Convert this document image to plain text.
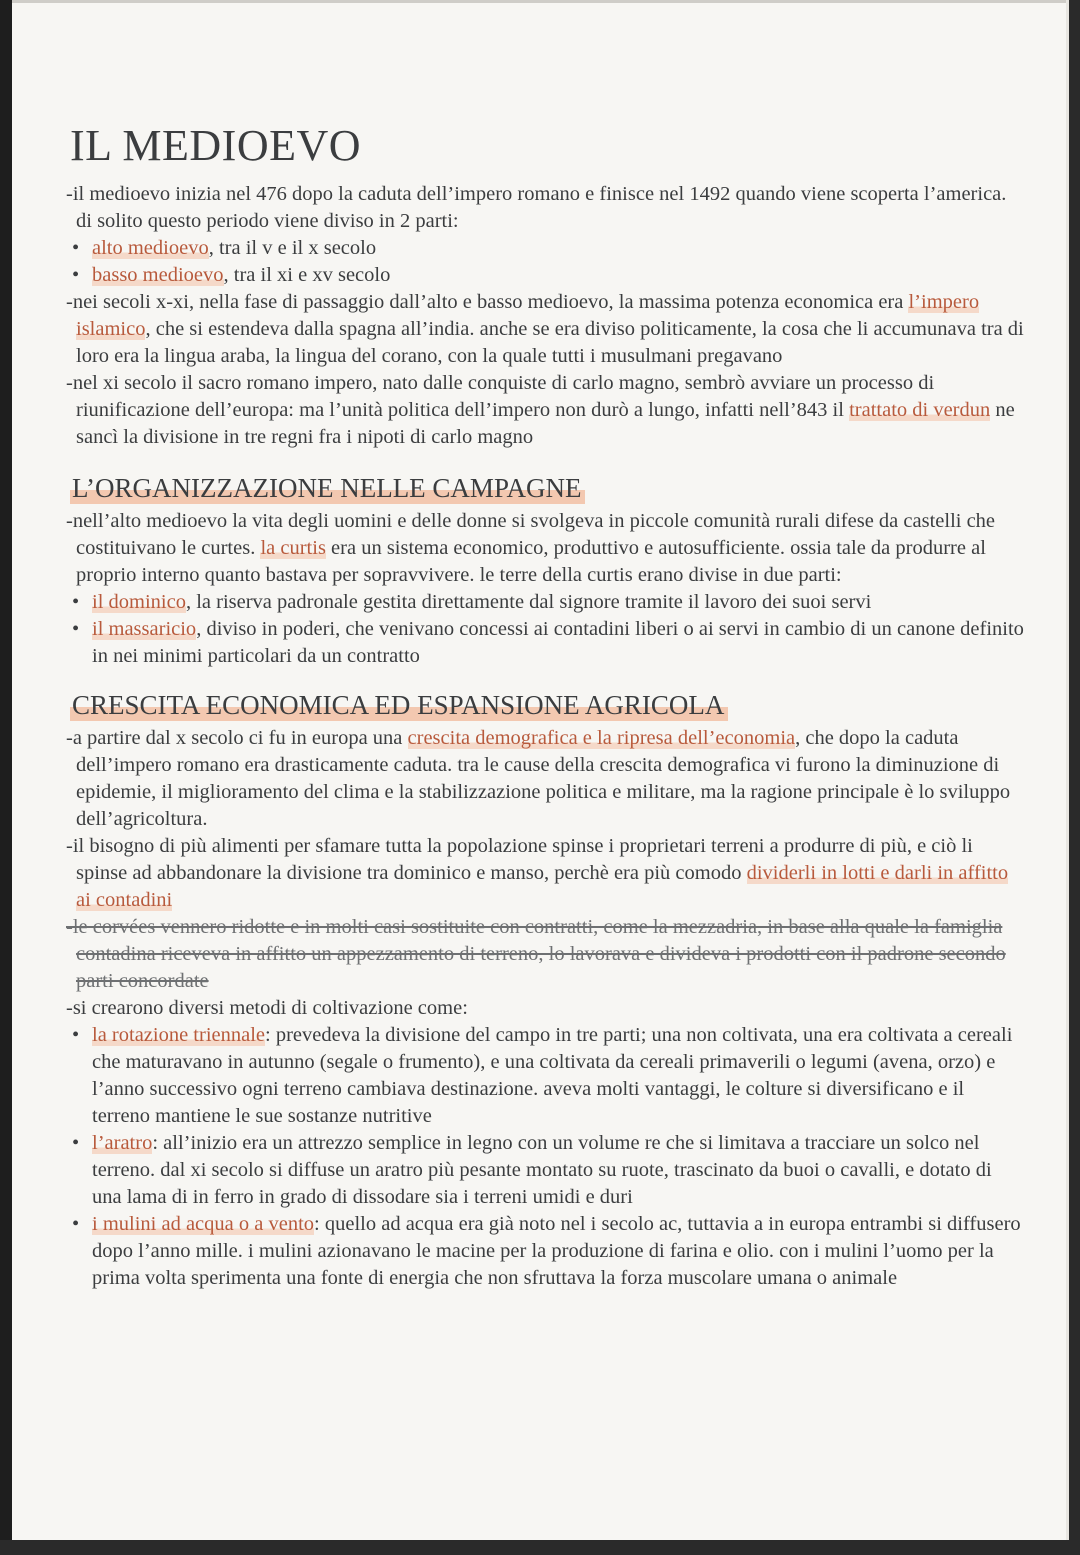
IL MEDIOEVO

-il medioevo inizia nel 476 dopo la caduta dell’impero romano e finisce nel 1492 quando viene scoperta l’america. di solito questo periodo viene diviso in 2 parti:

• alto medioevo, tra il v e il x secolo
• basso medioevo, tra il xi e xv secolo

-nei secoli x-xi, nella fase di passaggio dall’alto e basso medioevo, la massima potenza economica era l’impero islamico, che si estendeva dalla spagna all’india. anche se era diviso politicamente, la cosa che li accumunava tra di loro era la lingua araba, la lingua del corano, con la quale tutti i musulmani pregavano

-nel xi secolo il sacro romano impero, nato dalle conquiste di carlo magno, sembrò avviare un processo di riunificazione dell’europa: ma l’unità politica dell’impero non durò a lungo, infatti nell’843 il trattato di verdun ne sancì la divisione in tre regni fra i nipoti di carlo magno

L’ORGANIZZAZIONE NELLE CAMPAGNE

-nell’alto medioevo la vita degli uomini e delle donne si svolgeva in piccole comunità rurali difese da castelli che costituivano le curtes. la curtis era un sistema economico, produttivo e autosufficiente. ossia tale da produrre al proprio interno quanto bastava per sopravvivere. le terre della curtis erano divise in due parti:

• il dominico, la riserva padronale gestita direttamente dal signore tramite il lavoro dei suoi servi
• il massaricio, diviso in poderi, che venivano concessi ai contadini liberi o ai servi in cambio di un canone definito in nei minimi particolari da un contratto
CRESCITA ECONOMICA ED ESPANSIONE AGRICOLA

-a partire dal x secolo ci fu in europa una crescita demografica e la ripresa dell’economia, che dopo la caduta dell’impero romano era drasticamente caduta. tra le cause della crescita demografica vi furono la diminuzione di epidemie, il miglioramento del clima e la stabilizzazione politica e militare, ma la ragione principale è lo sviluppo dell’agricoltura.

-il bisogno di più alimenti per sfamare tutta la popolazione spinse i proprietari terreni a produrre di più, e ciò li spinse ad abbandonare la divisione tra dominico e manso, perchè era più comodo dividerli in lotti e darli in affitto ai contadini

-le corvées vennero ridotte e in molti casi sostituite con contratti, come la mezzadria, in base alla quale la famiglia contadina riceveva in affitto un appezzamento di terreno, lo lavorava e divideva i prodotti con il padrone secondo parti concordate

-si crearono diversi metodi di coltivazione come:

• la rotazione triennale: prevedeva la divisione del campo in tre parti; una non coltivata, una era coltivata a cereali che maturavano in autunno (segale o frumento), e una coltivata da cereali primaverili o legumi (avena, orzo) e l’anno successivo ogni terreno cambiava destinazione. aveva molti vantaggi, le colture si diversificano e il terreno mantiene le sue sostanze nutritive
• l’aratro: all’inizio era un attrezzo semplice in legno con un volume re che si limitava a tracciare un solco nel terreno. dal xi secolo si diffuse un aratro più pesante montato su ruote, trascinato da buoi o cavalli, e dotato di una lama di in ferro in grado di dissodare sia i terreni umidi e duri
• i mulini ad acqua o a vento: quello ad acqua era già noto nel i secolo ac, tuttavia a in europa entrambi si diffusero dopo l’anno mille. i mulini azionavano le macine per la produzione di farina e olio. con i mulini l’uomo per la prima volta sperimenta una fonte di energia che non sfruttava la forza muscolare umana o animale
